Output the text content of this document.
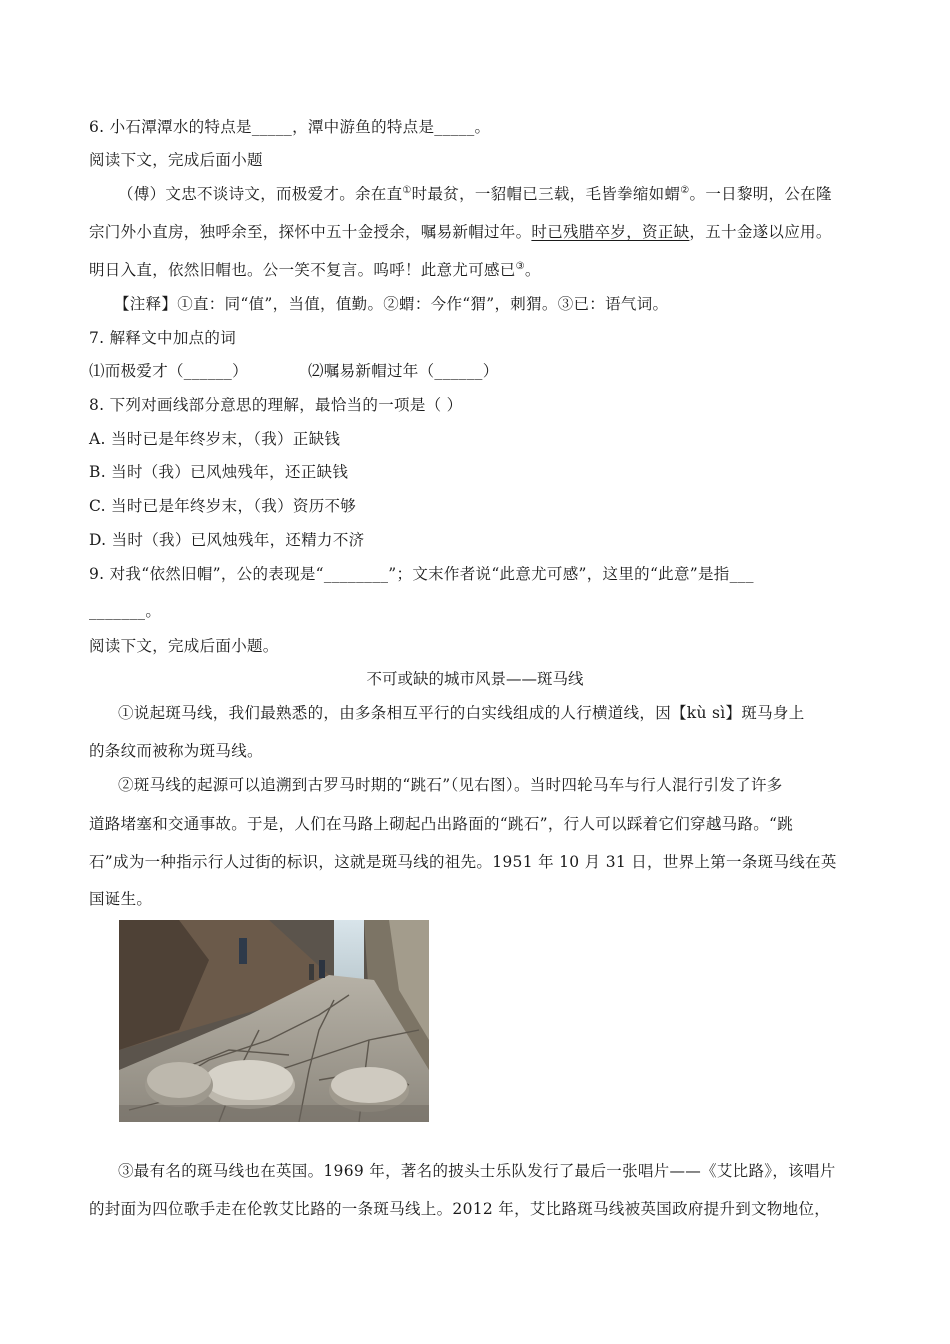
6. 小石潭潭水的特点是_____，潭中游鱼的特点是_____。
阅读下文，完成后面小题
（傅）文忠不谈诗文，而极爱才。余在直①时最贫，一貂帽已三载，毛皆拳缩如蝟②。一日黎明，公在隆
宗门外小直房，独呼余至，探怀中五十金授余，嘱易新帽过年。时已残腊卒岁，资正缺，五十金遂以应用。
明日入直，依然旧帽也。公一笑不复言。呜呼！此意尤可感已③。
【注释】①直：同“值”，当值，值勤。②蝟：今作“猬”，刺猬。③已：语气词。
7. 解释文中加点的词
⑴而极爱才（______）	⑵嘱易新帽过年（______）
8. 下列对画线部分意思的理解，最恰当的一项是（ ）
A. 当时已是年终岁末，（我）正缺钱
B. 当时（我）已风烛残年，还正缺钱
C. 当时已是年终岁末，（我）资历不够
D. 当时（我）已风烛残年，还精力不济
9. 对我“依然旧帽”，公的表现是“________”；文末作者说“此意尤可感”，这里的“此意”是指___
_______。
阅读下文，完成后面小题。
不可或缺的城市风景——斑马线
①说起斑马线，我们最熟悉的，由多条相互平行的白实线组成的人行横道线，因【kù sì】斑马身上
的条纹而被称为斑马线。
②斑马线的起源可以追溯到古罗马时期的“跳石”（见右图）。当时四轮马车与行人混行引发了许多
道路堵塞和交通事故。于是，人们在马路上砌起凸出路面的“跳石”，行人可以踩着它们穿越马路。“跳
石”成为一种指示行人过街的标识，这就是斑马线的祖先。1951 年 10 月 31 日，世界上第一条斑马线在英
国诞生。
③最有名的斑马线也在英国。1969 年，著名的披头士乐队发行了最后一张唱片——《艾比路》，该唱片
的封面为四位歌手走在伦敦艾比路的一条斑马线上。2012 年，艾比路斑马线被英国政府提升到文物地位，
